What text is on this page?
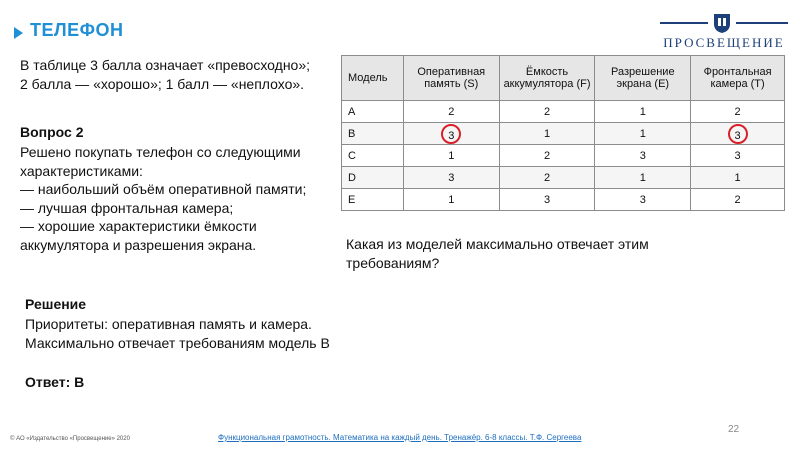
ТЕЛЕФОН
ПРОСВЕЩЕНИЕ
В таблице 3 балла означает «превосходно»; 2 балла — «хорошо»; 1 балл — «неплохо».
Вопрос 2
Решено покупать телефон со следующими характеристиками:
— наибольший объём оперативной памяти;
— лучшая фронтальная камера;
— хорошие характеристики ёмкости аккумулятора и разрешения экрана.
Модель	Оперативная память (S)	Ёмкость аккумулятора (F)	Разрешение экрана (E)	Фронтальная камера (T)
A	2	2	1	2
B	3	1	1	3
C	1	2	3	3
D	3	2	1	1
E	1	3	3	2
Какая из моделей максимально отвечает этим требованиям?
Решение
Приоритеты: оперативная память и камера.
Максимально отвечает требованиям модель В
Ответ: В
© АО «Издательство «Просвещение» 2020	Функциональная грамотность. Математика на каждый день. Тренажёр. 6-8 классы. Т.Ф. Сергеева
22
